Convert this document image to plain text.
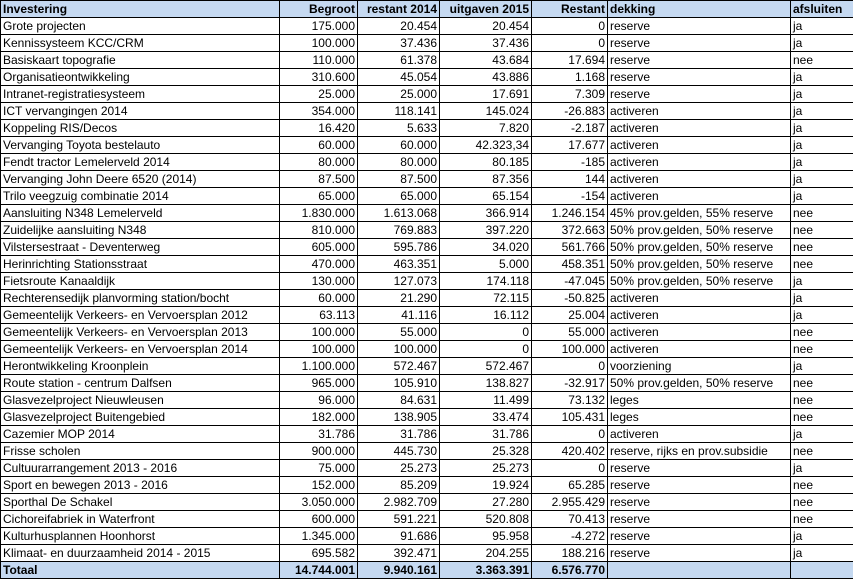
Investering	Begroot	restant 2014	uitgaven 2015	Restant	dekking	afsluiten
Grote projecten	175.000	20.454	20.454	0	reserve	ja
Kennissysteem KCC/CRM	100.000	37.436	37.436	0	reserve	ja
Basiskaart topografie	110.000	61.378	43.684	17.694	reserve	nee
Organisatieontwikkeling	310.600	45.054	43.886	1.168	reserve	ja
Intranet-registratiesysteem	25.000	25.000	17.691	7.309	reserve	ja
ICT vervangingen 2014	354.000	118.141	145.024	-26.883	activeren	ja
Koppeling RIS/Decos	16.420	5.633	7.820	-2.187	activeren	ja
Vervanging Toyota bestelauto	60.000	60.000	42.323,34	17.677	activeren	ja
Fendt tractor Lemelerveld 2014	80.000	80.000	80.185	-185	activeren	ja
Vervanging John Deere 6520 (2014)	87.500	87.500	87.356	144	activeren	ja
Trilo veegzuig combinatie 2014	65.000	65.000	65.154	-154	activeren	ja
Aansluiting N348 Lemelerveld	1.830.000	1.613.068	366.914	1.246.154	45% prov.gelden, 55% reserve	nee
Zuidelijke aansluiting N348	810.000	769.883	397.220	372.663	50% prov.gelden, 50% reserve	nee
Vilstersestraat - Deventerweg	605.000	595.786	34.020	561.766	50% prov.gelden, 50% reserve	nee
Herinrichting Stationsstraat	470.000	463.351	5.000	458.351	50% prov.gelden, 50% reserve	nee
Fietsroute Kanaaldijk	130.000	127.073	174.118	-47.045	50% prov.gelden, 50% reserve	ja
Rechterensedijk planvorming station/bocht	60.000	21.290	72.115	-50.825	activeren	ja
Gemeentelijk Verkeers- en Vervoersplan 2012	63.113	41.116	16.112	25.004	activeren	ja
Gemeentelijk Verkeers- en Vervoersplan 2013	100.000	55.000	0	55.000	activeren	nee
Gemeentelijk Verkeers- en Vervoersplan 2014	100.000	100.000	0	100.000	activeren	nee
Herontwikkeling Kroonplein	1.100.000	572.467	572.467	0	voorziening	ja
Route station - centrum Dalfsen	965.000	105.910	138.827	-32.917	50% prov.gelden, 50% reserve	nee
Glasvezelproject Nieuwleusen	96.000	84.631	11.499	73.132	leges	nee
Glasvezelproject Buitengebied	182.000	138.905	33.474	105.431	leges	nee
Cazemier MOP 2014	31.786	31.786	31.786	0	activeren	ja
Frisse scholen	900.000	445.730	25.328	420.402	reserve, rijks en prov.subsidie	nee
Cultuurarrangement 2013 - 2016	75.000	25.273	25.273	0	reserve	ja
Sport en bewegen 2013 - 2016	152.000	85.209	19.924	65.285	reserve	nee
Sporthal De Schakel	3.050.000	2.982.709	27.280	2.955.429	reserve	nee
Cichoreifabriek in Waterfront	600.000	591.221	520.808	70.413	reserve	nee
Kulturhusplannen Hoonhorst	1.345.000	91.686	95.958	-4.272	reserve	ja
Klimaat- en duurzaamheid 2014 - 2015	695.582	392.471	204.255	188.216	reserve	ja
Totaal	14.744.001	9.940.161	3.363.391	6.576.770		
